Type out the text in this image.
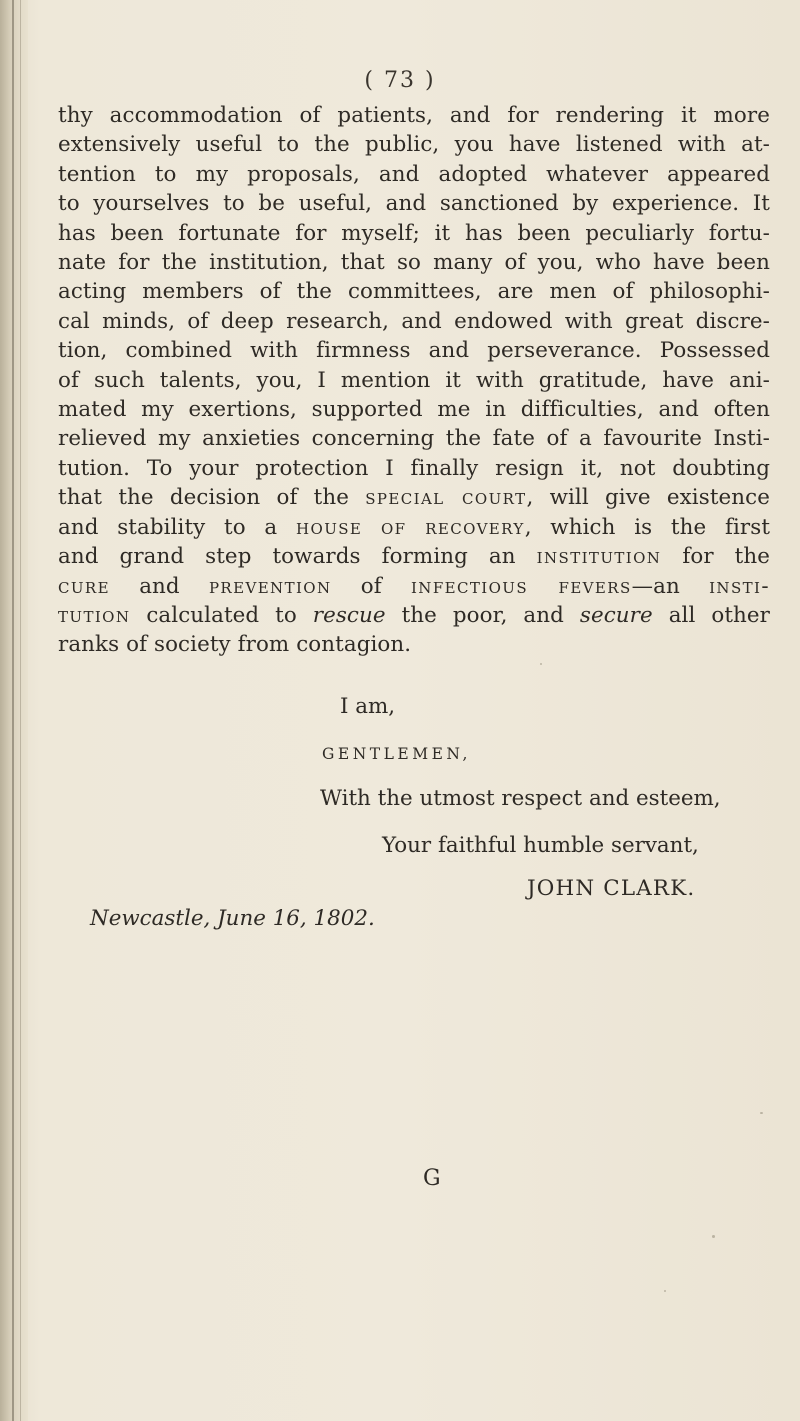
( 73 )
thy accommodation of patients, and for rendering it more
extensively useful to the public, you have listened with at-
tention to my proposals, and adopted whatever appeared
to yourselves to be useful, and sanctioned by experience. It
has been fortunate for myself; it has been peculiarly fortu-
nate for the institution, that so many of you, who have been
acting members of the committees, are men of philosophi-
cal minds, of deep research, and endowed with great discre-
tion, combined with firmness and perseverance. Possessed
of such talents, you, I mention it with gratitude, have ani-
mated my exertions, supported me in difficulties, and often
relieved my anxieties concerning the fate of a favourite Insti-
tution. To your protection I finally resign it, not doubting
that the decision of the special court, will give existence
and stability to a house of recovery, which is the first
and grand step towards forming an institution for the
cure and prevention of infectious fevers—an insti-
tution calculated to rescue the poor, and secure all other
ranks of society from contagion.
I am,
GENTLEMEN,
With the utmost respect and esteem,
Your faithful humble servant,
JOHN CLARK.
Newcastle, June 16, 1802.
G
